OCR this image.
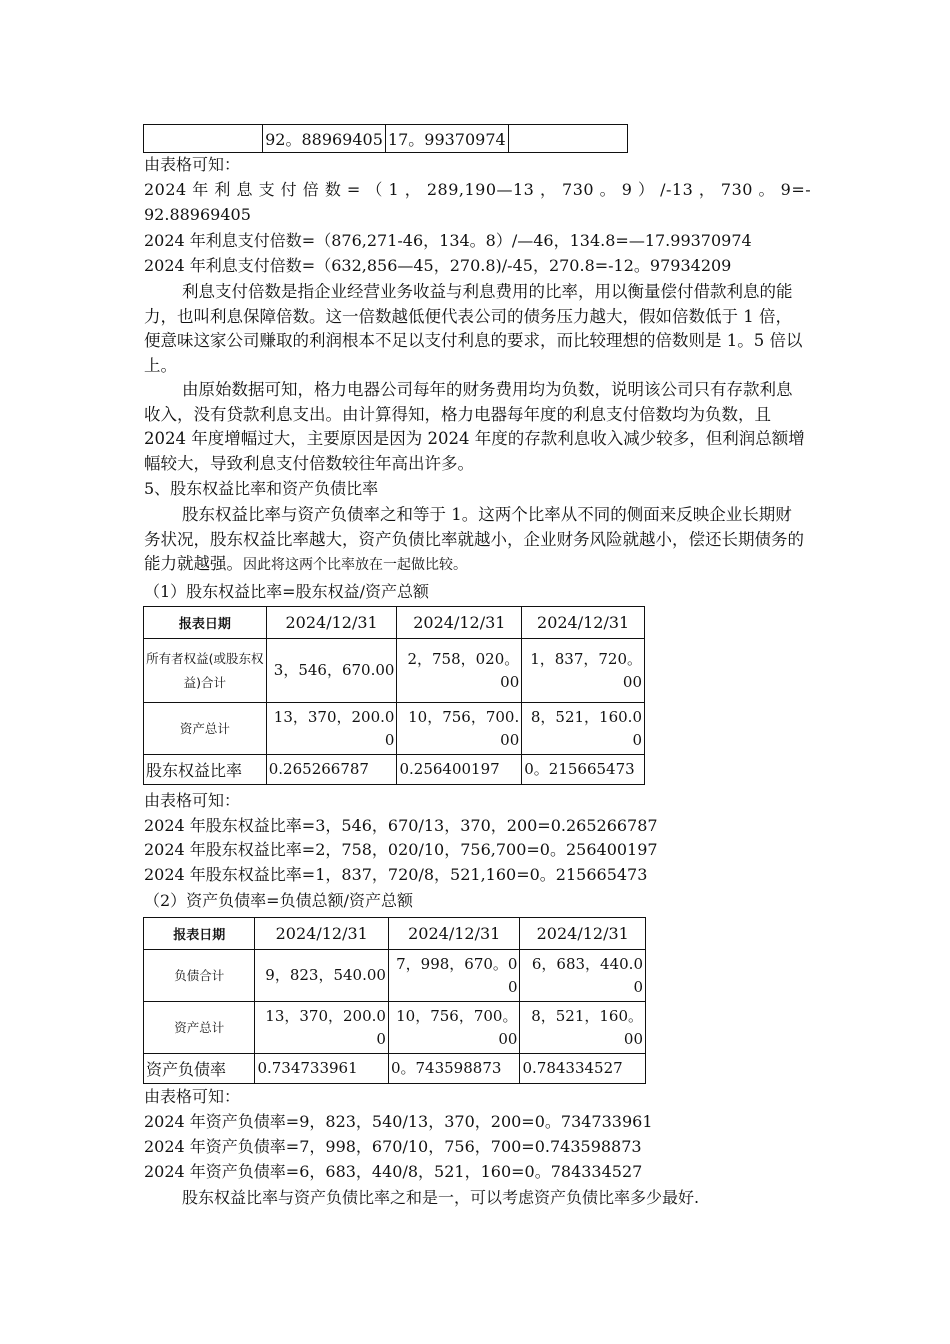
	92。88969405	17。99370974	
由表格可知：
2024 年 利 息 支 付 倍 数 = （ 1 ， 289,190—13 ， 730 。 9 ） /-13 ， 730 。 9=-
92.88969405
2024 年利息支付倍数=（876,271-46，134。8）/—46，134.8=—17.99370974
2024 年利息支付倍数=（632,856—45，270.8)/-45，270.8=-12。97934209
利息支付倍数是指企业经营业务收益与利息费用的比率，用以衡量偿付借款利息的能力，也叫利息保障倍数。这一倍数越低便代表公司的债务压力越大，假如倍数低于 1 倍，便意味这家公司赚取的利润根本不足以支付利息的要求，而比较理想的倍数则是 1。5 倍以上。
由原始数据可知，格力电器公司每年的财务费用均为负数，说明该公司只有存款利息收入，没有贷款利息支出。由计算得知，格力电器每年度的利息支付倍数均为负数，且 2024 年度增幅过大，主要原因是因为 2024 年度的存款利息收入减少较多，但利润总额增幅较大，导致利息支付倍数较往年高出许多。
5、股东权益比率和资产负债比率
股东权益比率与资产负债率之和等于 1。这两个比率从不同的侧面来反映企业长期财务状况，股东权益比率越大，资产负债比率就越小，企业财务风险就越小，偿还长期债务的能力就越强。因此将这两个比率放在一起做比较。
（1）股东权益比率=股东权益/资产总额
报表日期	2024/12/31	2024/12/31	2024/12/31
所有者权益(或股东权益)合计	3，546，670.00	2，758，020。00	1，837，720。00
资产总计	13，370，200.00	10，756，700.00	8，521，160.00
股东权益比率	0.265266787	0.256400197	0。215665473
由表格可知：
2024 年股东权益比率=3，546，670/13，370，200=0.265266787
2024 年股东权益比率=2，758，020/10，756,700=0。256400197
2024 年股东权益比率=1，837，720/8，521,160=0。215665473
（2）资产负债率=负债总额/资产总额
报表日期	2024/12/31	2024/12/31	2024/12/31
负债合计	9，823，540.00	7，998，670。00	6，683，440.00
资产总计	13，370，200.00	10，756，700。00	8，521，160。00
资产负债率	0.734733961	0。743598873	0.784334527
由表格可知：
2024 年资产负债率=9，823，540/13，370，200=0。734733961
2024 年资产负债率=7，998，670/10，756，700=0.743598873
2024 年资产负债率=6，683，440/8，521，160=0。784334527
股东权益比率与资产负债比率之和是一，可以考虑资产负债比率多少最好.
